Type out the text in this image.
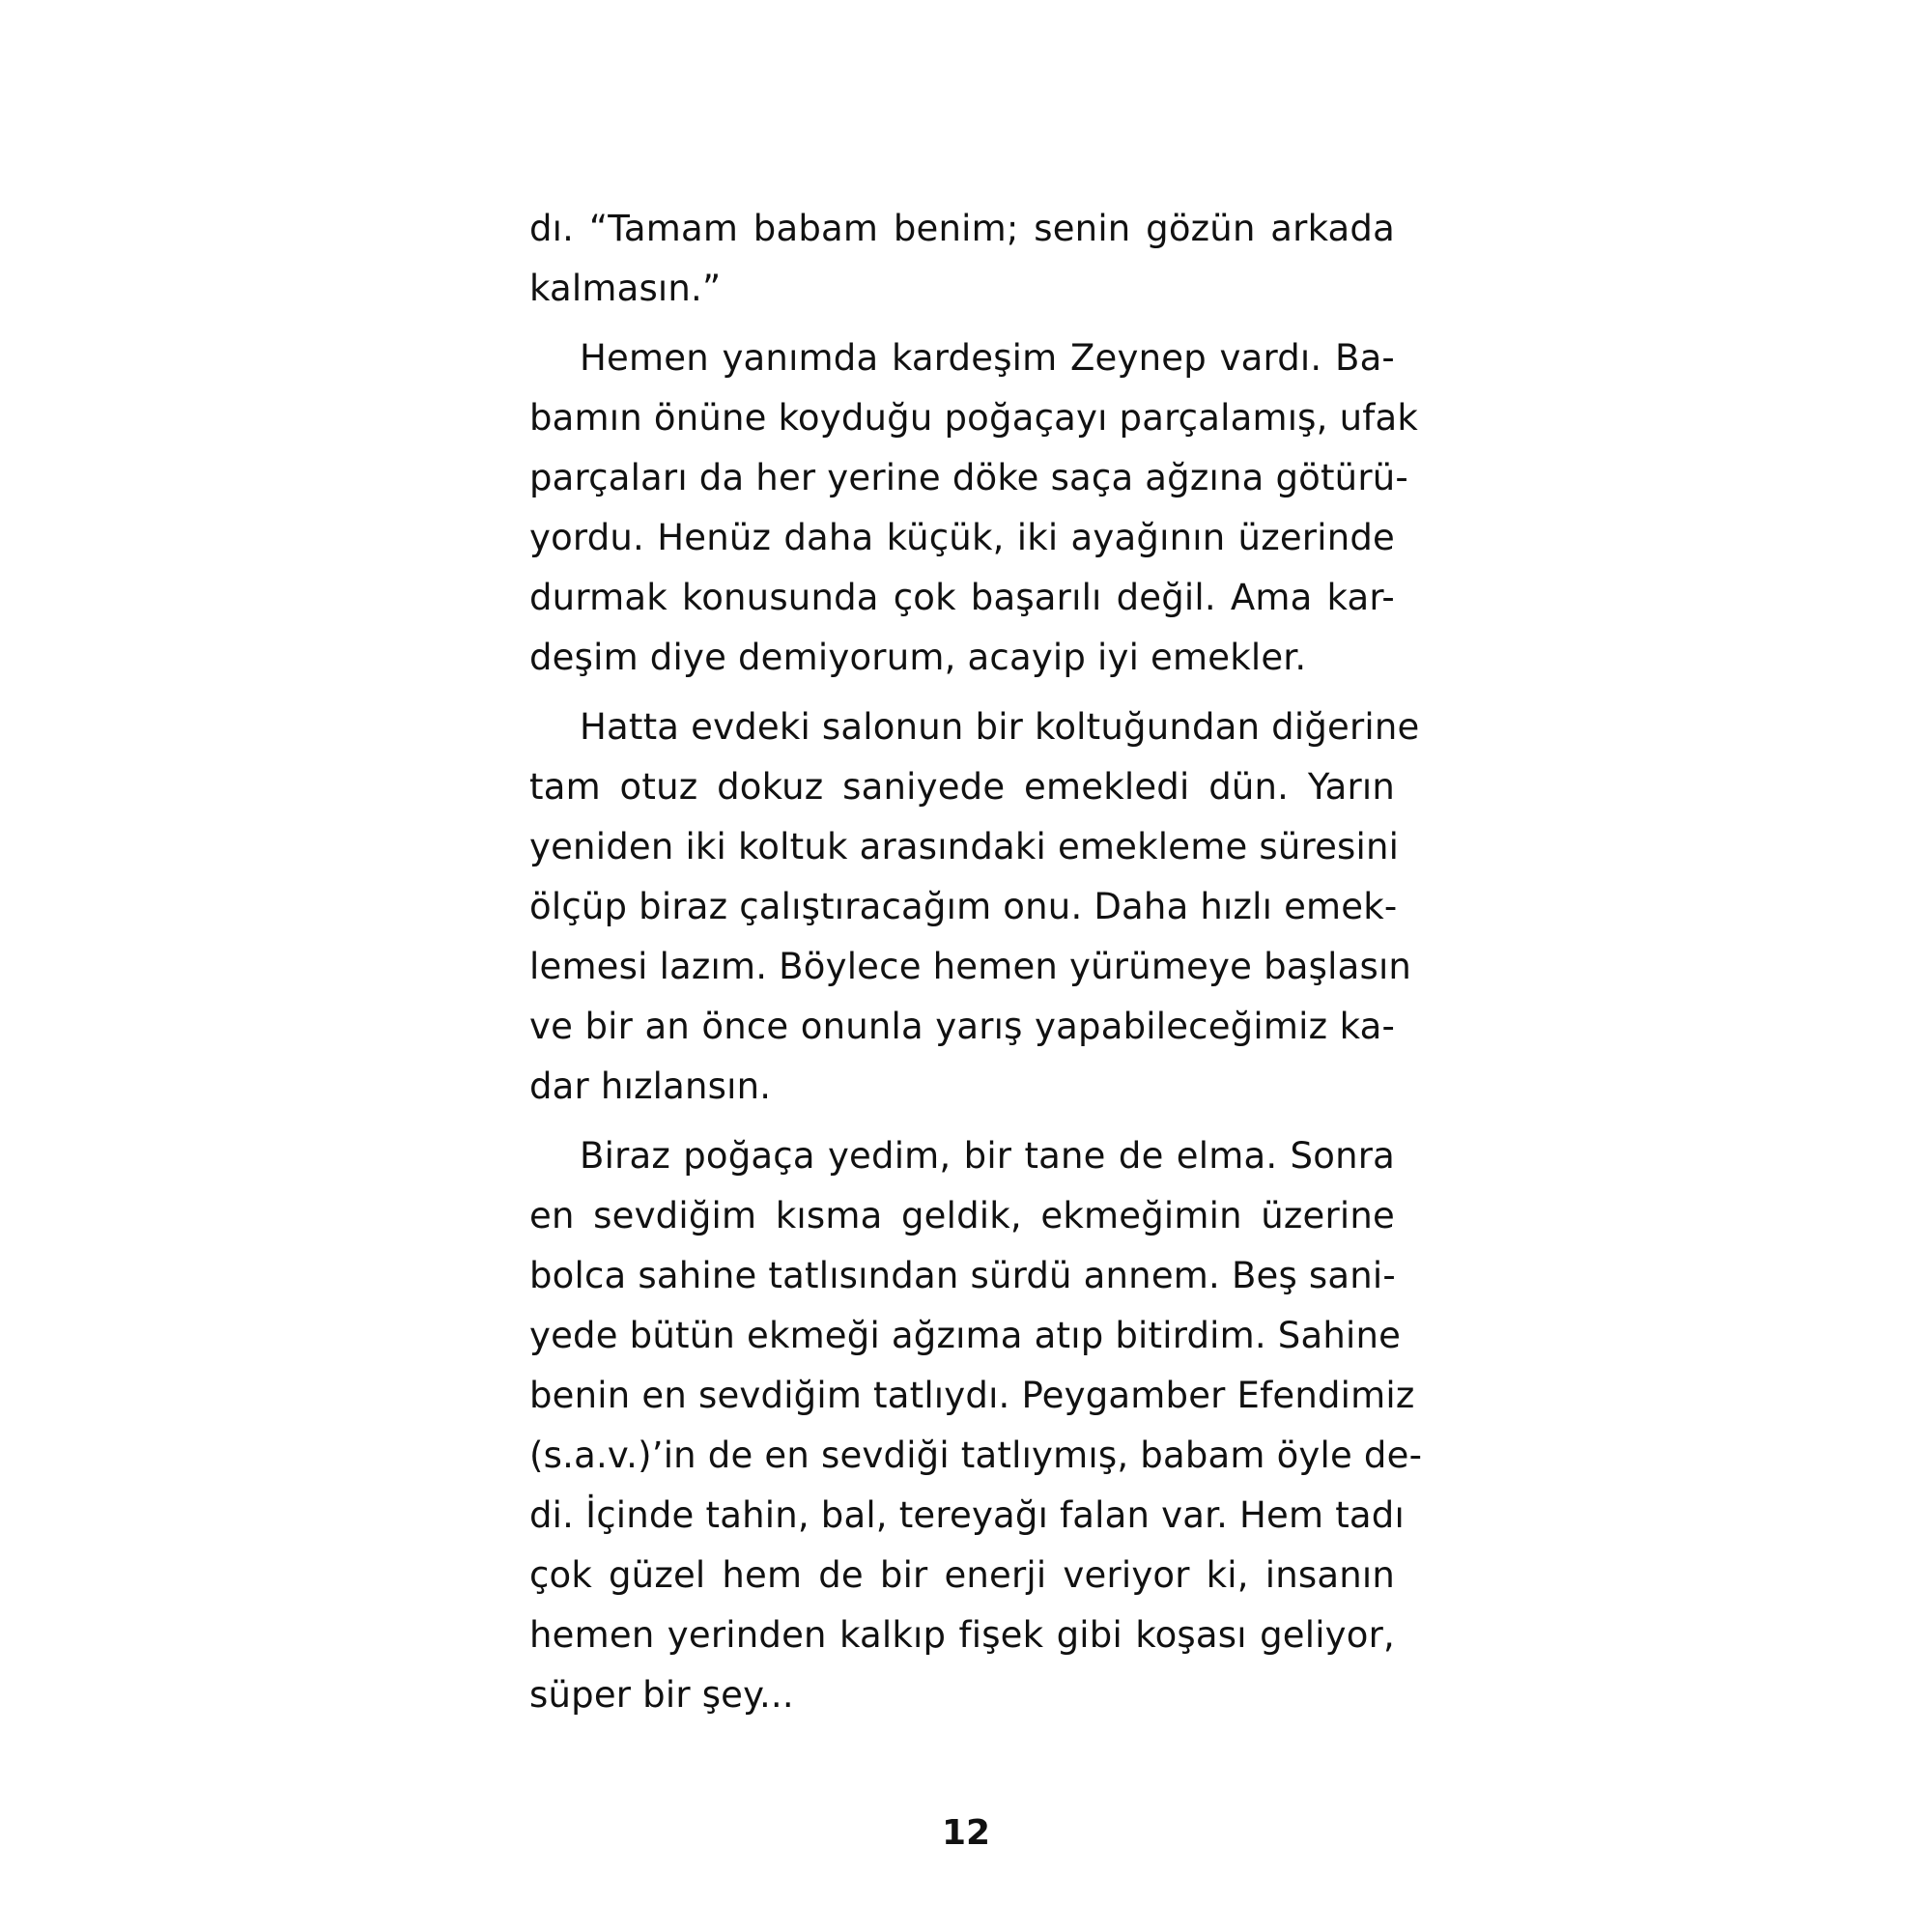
dı. “Tamam babam benim; senin gözün arkada
kalmasın.”

Hemen yanımda kardeşim Zeynep vardı. Ba-
bamın önüne koyduğu poğaçayı parçalamış, ufak
parçaları da her yerine döke saça ağzına götürü-
yordu. Henüz daha küçük, iki ayağının üzerinde
durmak konusunda çok başarılı değil. Ama kar-
deşim diye demiyorum, acayip iyi emekler.

Hatta evdeki salonun bir koltuğundan diğerine
tam otuz dokuz saniyede emekledi dün. Yarın
yeniden iki koltuk arasındaki emekleme süresini
ölçüp biraz çalıştıracağım onu. Daha hızlı emek-
lemesi lazım. Böylece hemen yürümeye başlasın
ve bir an önce onunla yarış yapabileceğimiz ka-
dar hızlansın.

Biraz poğaça yedim, bir tane de elma. Sonra
en sevdiğim kısma geldik, ekmeğimin üzerine
bolca sahine tatlısından sürdü annem. Beş sani-
yede bütün ekmeği ağzıma atıp bitirdim. Sahine
benin en sevdiğim tatlıydı. Peygamber Efendimiz
(s.a.v.)’in de en sevdiği tatlıymış, babam öyle de-
di. İçinde tahin, bal, tereyağı falan var. Hem tadı
çok güzel hem de bir enerji veriyor ki, insanın
hemen yerinden kalkıp fişek gibi koşası geliyor,
süper bir şey...

12
